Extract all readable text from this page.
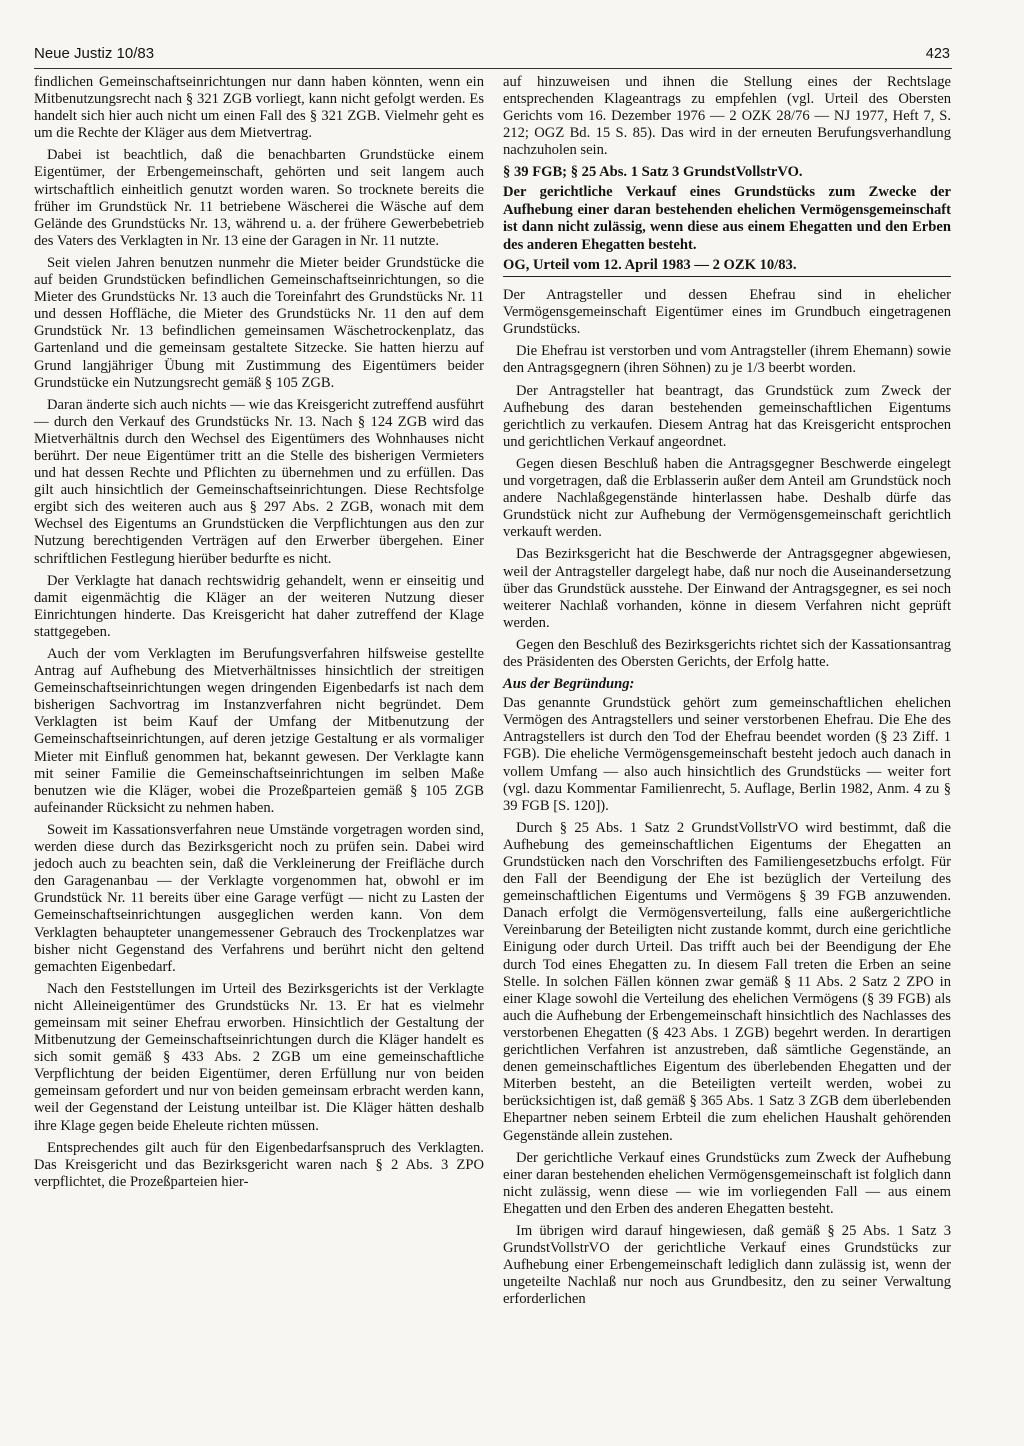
Neue Justiz 10/83	423

findlichen Gemeinschaftseinrichtungen nur dann haben könnten, wenn ein Mitbenutzungsrecht nach § 321 ZGB vorliegt, kann nicht gefolgt werden. Es handelt sich hier auch nicht um einen Fall des § 321 ZGB. Vielmehr geht es um die Rechte der Kläger aus dem Mietvertrag.

Dabei ist beachtlich, daß die benachbarten Grundstücke einem Eigentümer, der Erbengemeinschaft, gehörten und seit langem auch wirtschaftlich einheitlich genutzt worden waren. So trocknete bereits die früher im Grundstück Nr. 11 betriebene Wäscherei die Wäsche auf dem Gelände des Grundstücks Nr. 13, während u. a. der frühere Gewerbebetrieb des Vaters des Verklagten in Nr. 13 eine der Garagen in Nr. 11 nutzte.

Seit vielen Jahren benutzen nunmehr die Mieter beider Grundstücke die auf beiden Grundstücken befindlichen Gemeinschaftseinrichtungen, so die Mieter des Grundstücks Nr. 13 auch die Toreinfahrt des Grundstücks Nr. 11 und dessen Hoffläche, die Mieter des Grundstücks Nr. 11 den auf dem Grundstück Nr. 13 befindlichen gemeinsamen Wäschetrockenplatz, das Gartenland und die gemeinsam gestaltete Sitzecke. Sie hatten hierzu auf Grund langjähriger Übung mit Zustimmung des Eigentümers beider Grundstücke ein Nutzungsrecht gemäß § 105 ZGB.

Daran änderte sich auch nichts — wie das Kreisgericht zutreffend ausführt — durch den Verkauf des Grundstücks Nr. 13. Nach § 124 ZGB wird das Mietverhältnis durch den Wechsel des Eigentümers des Wohnhauses nicht berührt. Der neue Eigentümer tritt an die Stelle des bisherigen Vermieters und hat dessen Rechte und Pflichten zu übernehmen und zu erfüllen. Das gilt auch hinsichtlich der Gemeinschaftseinrichtungen. Diese Rechtsfolge ergibt sich des weiteren auch aus § 297 Abs. 2 ZGB, wonach mit dem Wechsel des Eigentums an Grundstücken die Verpflichtungen aus den zur Nutzung berechtigenden Verträgen auf den Erwerber übergehen. Einer schriftlichen Festlegung hierüber bedurfte es nicht.

Der Verklagte hat danach rechtswidrig gehandelt, wenn er einseitig und damit eigenmächtig die Kläger an der weiteren Nutzung dieser Einrichtungen hinderte. Das Kreisgericht hat daher zutreffend der Klage stattgegeben.

Auch der vom Verklagten im Berufungsverfahren hilfsweise gestellte Antrag auf Aufhebung des Mietverhältnisses hinsichtlich der streitigen Gemeinschaftseinrichtungen wegen dringenden Eigenbedarfs ist nach dem bisherigen Sachvortrag im Instanzverfahren nicht begründet. Dem Verklagten ist beim Kauf der Umfang der Mitbenutzung der Gemeinschaftseinrichtungen, auf deren jetzige Gestaltung er als vormaliger Mieter mit Einfluß genommen hat, bekannt gewesen. Der Verklagte kann mit seiner Familie die Gemeinschaftseinrichtungen im selben Maße benutzen wie die Kläger, wobei die Prozeßparteien gemäß § 105 ZGB aufeinander Rücksicht zu nehmen haben.

Soweit im Kassationsverfahren neue Umstände vorgetragen worden sind, werden diese durch das Bezirksgericht noch zu prüfen sein. Dabei wird jedoch auch zu beachten sein, daß die Verkleinerung der Freifläche durch den Garagenanbau — der Verklagte vorgenommen hat, obwohl er im Grundstück Nr. 11 bereits über eine Garage verfügt — nicht zu Lasten der Gemeinschaftseinrichtungen ausgeglichen werden kann. Von dem Verklagten behaupteter unangemessener Gebrauch des Trockenplatzes war bisher nicht Gegenstand des Verfahrens und berührt nicht den geltend gemachten Eigenbedarf.

Nach den Feststellungen im Urteil des Bezirksgerichts ist der Verklagte nicht Alleineigentümer des Grundstücks Nr. 13. Er hat es vielmehr gemeinsam mit seiner Ehefrau erworben. Hinsichtlich der Gestaltung der Mitbenutzung der Gemeinschaftseinrichtungen durch die Kläger handelt es sich somit gemäß § 433 Abs. 2 ZGB um eine gemeinschaftliche Verpflichtung der beiden Eigentümer, deren Erfüllung nur von beiden gemeinsam gefordert und nur von beiden gemeinsam erbracht werden kann, weil der Gegenstand der Leistung unteilbar ist. Die Kläger hätten deshalb ihre Klage gegen beide Eheleute richten müssen.

Entsprechendes gilt auch für den Eigenbedarfsanspruch des Verklagten. Das Kreisgericht und das Bezirksgericht waren nach § 2 Abs. 3 ZPO verpflichtet, die Prozeßparteien hier-

auf hinzuweisen und ihnen die Stellung eines der Rechtslage entsprechenden Klageantrags zu empfehlen (vgl. Urteil des Obersten Gerichts vom 16. Dezember 1976 — 2 OZK 28/76 — NJ 1977, Heft 7, S. 212; OGZ Bd. 15 S. 85). Das wird in der erneuten Berufungsverhandlung nachzuholen sein.

§ 39 FGB; § 25 Abs. 1 Satz 3 GrundstVollstrVO.

Der gerichtliche Verkauf eines Grundstücks zum Zwecke der Aufhebung einer daran bestehenden ehelichen Vermögensgemeinschaft ist dann nicht zulässig, wenn diese aus einem Ehegatten und den Erben des anderen Ehegatten besteht.

OG, Urteil vom 12. April 1983 — 2 OZK 10/83.

Der Antragsteller und dessen Ehefrau sind in ehelicher Vermögensgemeinschaft Eigentümer eines im Grundbuch eingetragenen Grundstücks.

Die Ehefrau ist verstorben und vom Antragsteller (ihrem Ehemann) sowie den Antragsgegnern (ihren Söhnen) zu je 1/3 beerbt worden.

Der Antragsteller hat beantragt, das Grundstück zum Zweck der Aufhebung des daran bestehenden gemeinschaftlichen Eigentums gerichtlich zu verkaufen. Diesem Antrag hat das Kreisgericht entsprochen und gerichtlichen Verkauf angeordnet.

Gegen diesen Beschluß haben die Antragsgegner Beschwerde eingelegt und vorgetragen, daß die Erblasserin außer dem Anteil am Grundstück noch andere Nachlaßgegenstände hinterlassen habe. Deshalb dürfe das Grundstück nicht zur Aufhebung der Vermögensgemeinschaft gerichtlich verkauft werden.

Das Bezirksgericht hat die Beschwerde der Antragsgegner abgewiesen, weil der Antragsteller dargelegt habe, daß nur noch die Auseinandersetzung über das Grundstück ausstehe. Der Einwand der Antragsgegner, es sei noch weiterer Nachlaß vorhanden, könne in diesem Verfahren nicht geprüft werden.

Gegen den Beschluß des Bezirksgerichts richtet sich der Kassationsantrag des Präsidenten des Obersten Gerichts, der Erfolg hatte.

Aus der Begründung:

Das genannte Grundstück gehört zum gemeinschaftlichen ehelichen Vermögen des Antragstellers und seiner verstorbenen Ehefrau. Die Ehe des Antragstellers ist durch den Tod der Ehefrau beendet worden (§ 23 Ziff. 1 FGB). Die eheliche Vermögensgemeinschaft besteht jedoch auch danach in vollem Umfang — also auch hinsichtlich des Grundstücks — weiter fort (vgl. dazu Kommentar Familienrecht, 5. Auflage, Berlin 1982, Anm. 4 zu § 39 FGB [S. 120]).

Durch § 25 Abs. 1 Satz 2 GrundstVollstrVO wird bestimmt, daß die Aufhebung des gemeinschaftlichen Eigentums der Ehegatten an Grundstücken nach den Vorschriften des Familiengesetzbuchs erfolgt. Für den Fall der Beendigung der Ehe ist bezüglich der Verteilung des gemeinschaftlichen Eigentums und Vermögens § 39 FGB anzuwenden. Danach erfolgt die Vermögensverteilung, falls eine außergerichtliche Vereinbarung der Beteiligten nicht zustande kommt, durch eine gerichtliche Einigung oder durch Urteil. Das trifft auch bei der Beendigung der Ehe durch Tod eines Ehegatten zu. In diesem Fall treten die Erben an seine Stelle. In solchen Fällen können zwar gemäß § 11 Abs. 2 Satz 2 ZPO in einer Klage sowohl die Verteilung des ehelichen Vermögens (§ 39 FGB) als auch die Aufhebung der Erbengemeinschaft hinsichtlich des Nachlasses des verstorbenen Ehegatten (§ 423 Abs. 1 ZGB) begehrt werden. In derartigen gerichtlichen Verfahren ist anzustreben, daß sämtliche Gegenstände, an denen gemeinschaftliches Eigentum des überlebenden Ehegatten und der Miterben besteht, an die Beteiligten verteilt werden, wobei zu berücksichtigen ist, daß gemäß § 365 Abs. 1 Satz 3 ZGB dem überlebenden Ehepartner neben seinem Erbteil die zum ehelichen Haushalt gehörenden Gegenstände allein zustehen.

Der gerichtliche Verkauf eines Grundstücks zum Zweck der Aufhebung einer daran bestehenden ehelichen Vermögensgemeinschaft ist folglich dann nicht zulässig, wenn diese — wie im vorliegenden Fall — aus einem Ehegatten und den Erben des anderen Ehegatten besteht.

Im übrigen wird darauf hingewiesen, daß gemäß § 25 Abs. 1 Satz 3 GrundstVollstrVO der gerichtliche Verkauf eines Grundstücks zur Aufhebung einer Erbengemeinschaft lediglich dann zulässig ist, wenn der ungeteilte Nachlaß nur noch aus Grundbesitz, den zu seiner Verwaltung erforderlichen
